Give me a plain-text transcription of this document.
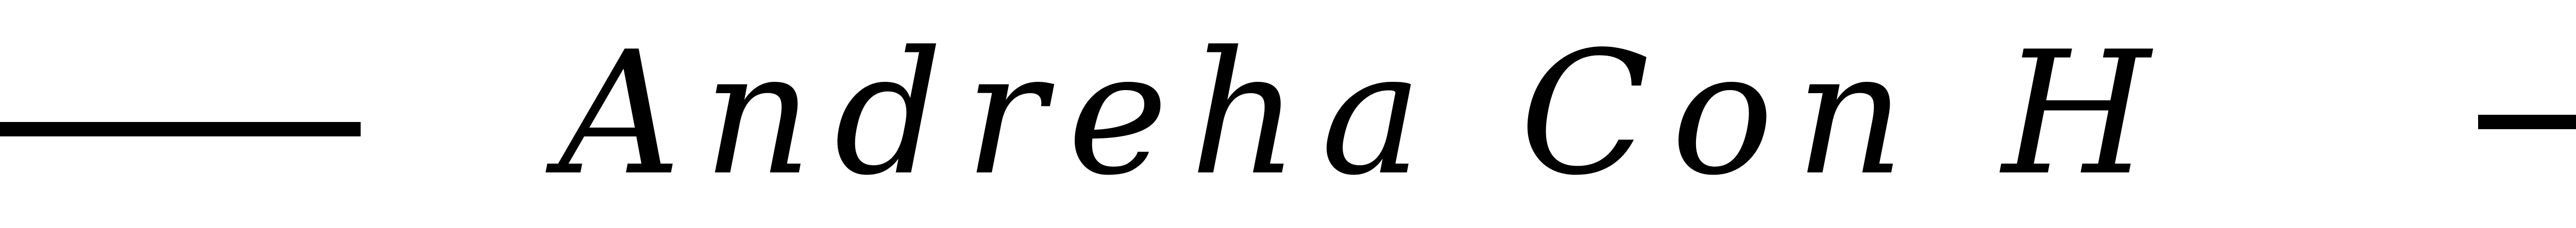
Andreha Con H
